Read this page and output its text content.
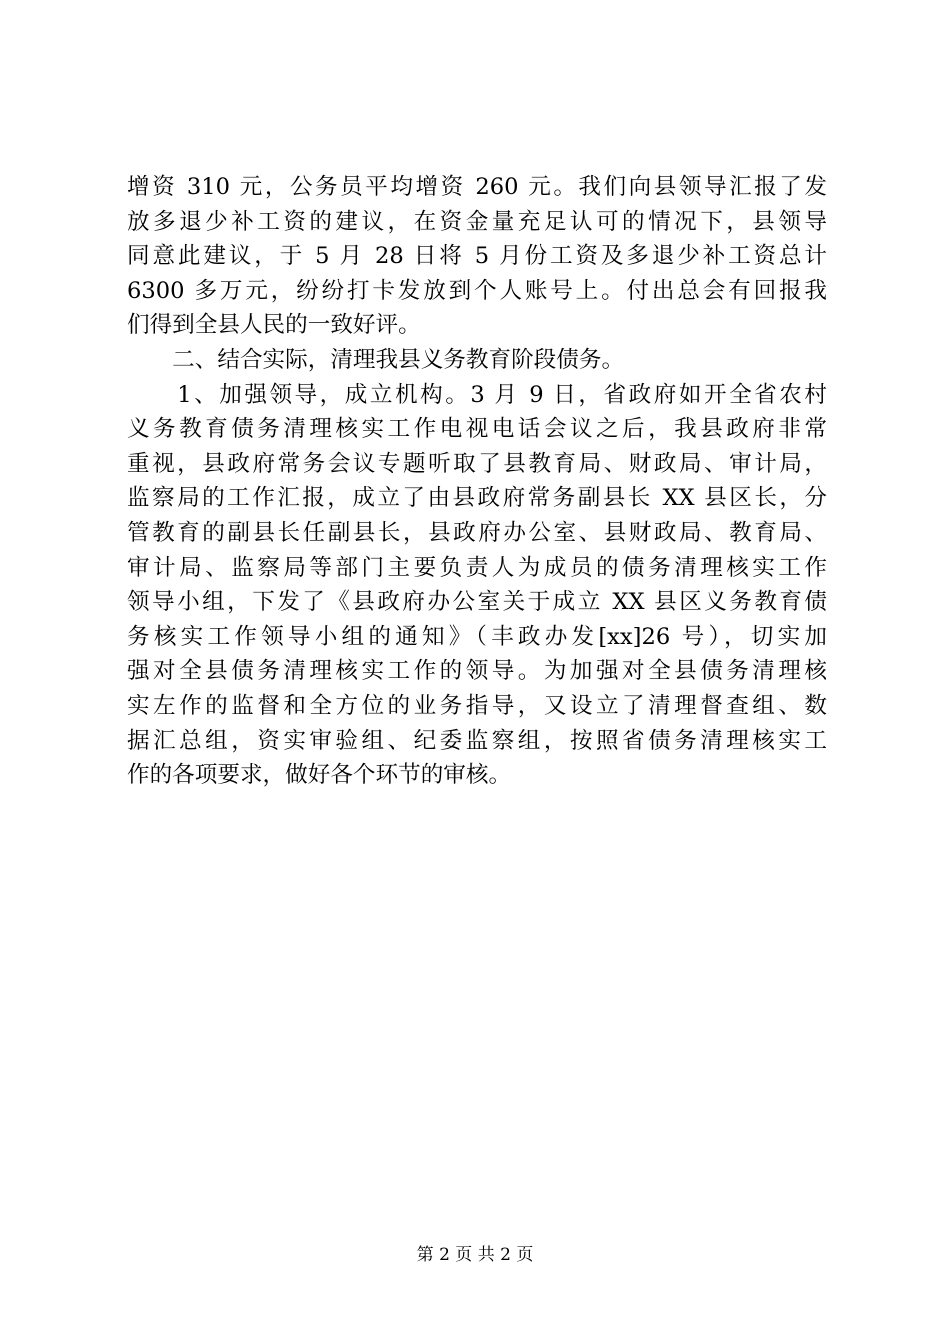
增资 310 元，公务员平均增资 260 元。我们向县领导汇报了发
放多退少补工资的建议，在资金量充足认可的情况下，县领导
同意此建议，于 5 月 28 日将 5 月份工资及多退少补工资总计
6300 多万元，纷纷打卡发放到个人账号上。付出总会有回报我
们得到全县人民的一致好评。
　　二、结合实际，清理我县义务教育阶段债务。
　　1、加强领导，成立机构。3 月 9 日，省政府如开全省农村
义务教育债务清理核实工作电视电话会议之后，我县政府非常
重视，县政府常务会议专题听取了县教育局、财政局、审计局，
监察局的工作汇报，成立了由县政府常务副县长 XX 县区长，分
管教育的副县长任副县长，县政府办公室、县财政局、教育局、
审计局、监察局等部门主要负责人为成员的债务清理核实工作
领导小组，下发了《县政府办公室关于成立 XX 县区义务教育债
务核实工作领导小组的通知》（丰政办发[xx]26 号），切实加
强对全县债务清理核实工作的领导。为加强对全县债务清理核
实左作的监督和全方位的业务指导，又设立了清理督查组、数
据汇总组，资实审验组、纪委监察组，按照省债务清理核实工
作的各项要求，做好各个环节的审核。
第 2 页 共 2 页
